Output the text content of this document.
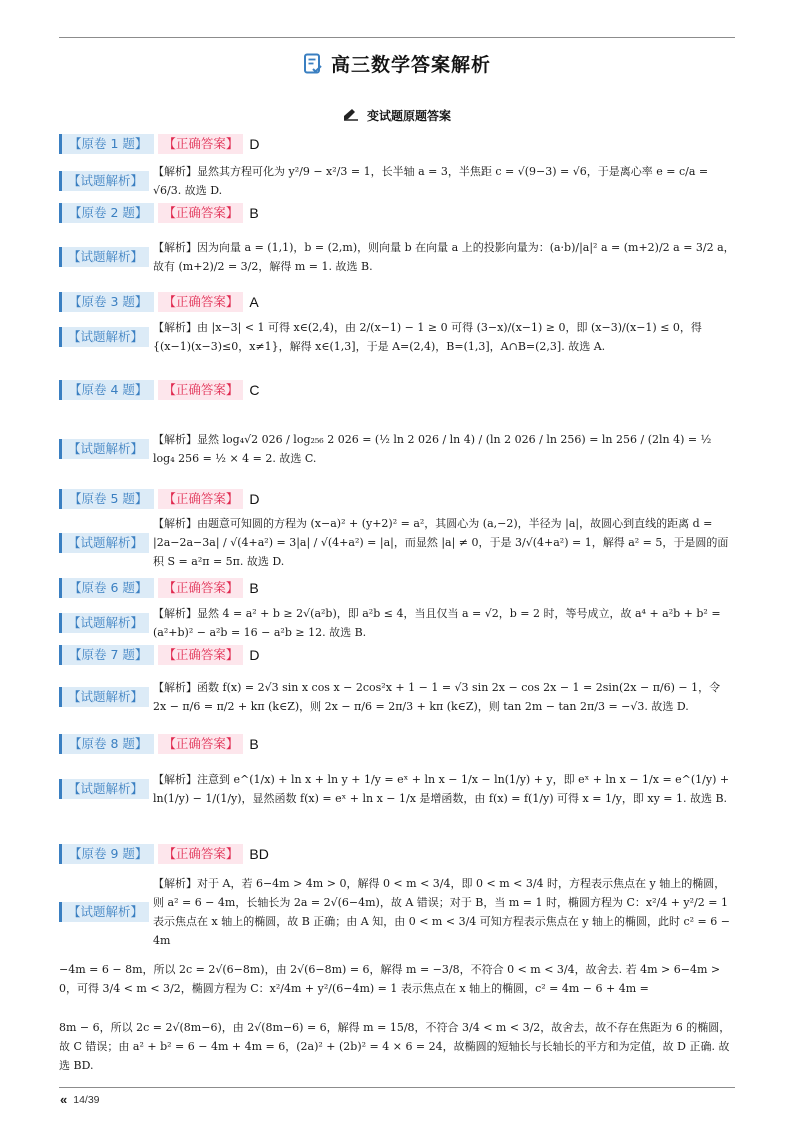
高三数学答案解析
变试题原题答案
【原卷 1 题】	【正确答案】 D
【试题解析】
【解析】显然其方程可化为 y²/9 − x²/3 = 1，长半轴 a = 3，半焦距 c = √(9−3) = √6，于是离心率 e = c/a = √6/3. 故选 D.
【原卷 2 题】	【正确答案】 B
【试题解析】
【解析】因为向量 a = (1,1)，b = (2,m)，则向量 b 在向量 a 上的投影向量为：(a·b)/|a|² a = (m+2)/2 a = 3/2 a，故有 (m+2)/2 = 3/2，解得 m = 1. 故选 B.
【原卷 3 题】	【正确答案】 A
【试题解析】
【解析】由 |x−3| < 1 可得 x∈(2,4)，由 2/(x−1) − 1 ≥ 0 可得 (3−x)/(x−1) ≥ 0，即 (x−3)/(x−1) ≤ 0，得 {(x−1)(x−3)≤0，x≠1}，解得 x∈(1,3]，于是 A=(2,4)，B=(1,3]，A∩B=(2,3]. 故选 A.
【原卷 4 题】	【正确答案】 C
【试题解析】
【解析】显然 log₄√2 026 / log₂₅₆ 2 026 = (½ ln 2 026 / ln 4) / (ln 2 026 / ln 256) = ln 256 / (2ln 4) = ½ log₄ 256 = ½ × 4 = 2. 故选 C.
【原卷 5 题】	【正确答案】 D
【试题解析】
【解析】由题意可知圆的方程为 (x−a)² + (y+2)² = a²，其圆心为 (a,−2)，半径为 |a|，故圆心到直线的距离 d = |2a−2a−3a| / √(4+a²) = 3|a| / √(4+a²) = |a|，而显然 |a| ≠ 0，于是 3/√(4+a²) = 1，解得 a² = 5，于是圆的面积 S = a²π = 5π. 故选 D.
【原卷 6 题】	【正确答案】 B
【试题解析】
【解析】显然 4 = a² + b ≥ 2√(a²b)，即 a²b ≤ 4，当且仅当 a = √2，b = 2 时，等号成立，故 a⁴ + a²b + b² = (a²+b)² − a²b = 16 − a²b ≥ 12. 故选 B.
【原卷 7 题】	【正确答案】 D
【试题解析】
【解析】函数 f(x) = 2√3 sin x cos x − 2cos²x + 1 − 1 = √3 sin 2x − cos 2x − 1 = 2sin(2x − π/6) − 1，令 2x − π/6 = π/2 + kπ (k∈Z)，则 2x − π/6 = 2π/3 + kπ (k∈Z)，则 tan 2m − tan 2π/3 = −√3. 故选 D.
【原卷 8 题】	【正确答案】 B
【试题解析】
【解析】注意到 e^(1/x) + ln x + ln y + 1/y = eˣ + ln x − 1/x − ln(1/y) + y，即 eˣ + ln x − 1/x = e^(1/y) + ln(1/y) − 1/(1/y)，显然函数 f(x) = eˣ + ln x − 1/x 是增函数，由 f(x) = f(1/y) 可得 x = 1/y，即 xy = 1. 故选 B.
【原卷 9 题】	【正确答案】 BD
【试题解析】
【解析】对于 A，若 6−4m > 4m > 0，解得 0 < m < 3/4，即 0 < m < 3/4 时，方程表示焦点在 y 轴上的椭圆，则 a² = 6 − 4m，长轴长为 2a = 2√(6−4m)，故 A 错误；对于 B，当 m = 1 时，椭圆方程为 C：x²/4 + y²/2 = 1 表示焦点在 x 轴上的椭圆，故 B 正确；由 A 知，由 0 < m < 3/4 可知方程表示焦点在 y 轴上的椭圆，此时 c² = 6 − 4m
−4m = 6 − 8m，所以 2c = 2√(6−8m)，由 2√(6−8m) = 6，解得 m = −3/8，不符合 0 < m < 3/4，故舍去. 若 4m > 6−4m > 0，可得 3/4 < m < 3/2，椭圆方程为 C：x²/4m + y²/(6−4m) = 1 表示焦点在 x 轴上的椭圆，c² = 4m − 6 + 4m =
8m − 6，所以 2c = 2√(8m−6)，由 2√(8m−6) = 6，解得 m = 15/8，不符合 3/4 < m < 3/2，故舍去，故不存在焦距为 6 的椭圆，故 C 错误；由 a² + b² = 6 − 4m + 4m = 6，(2a)² + (2b)² = 4 × 6 = 24，故椭圆的短轴长与长轴长的平方和为定值，故 D 正确. 故选 BD.
« 14/39
